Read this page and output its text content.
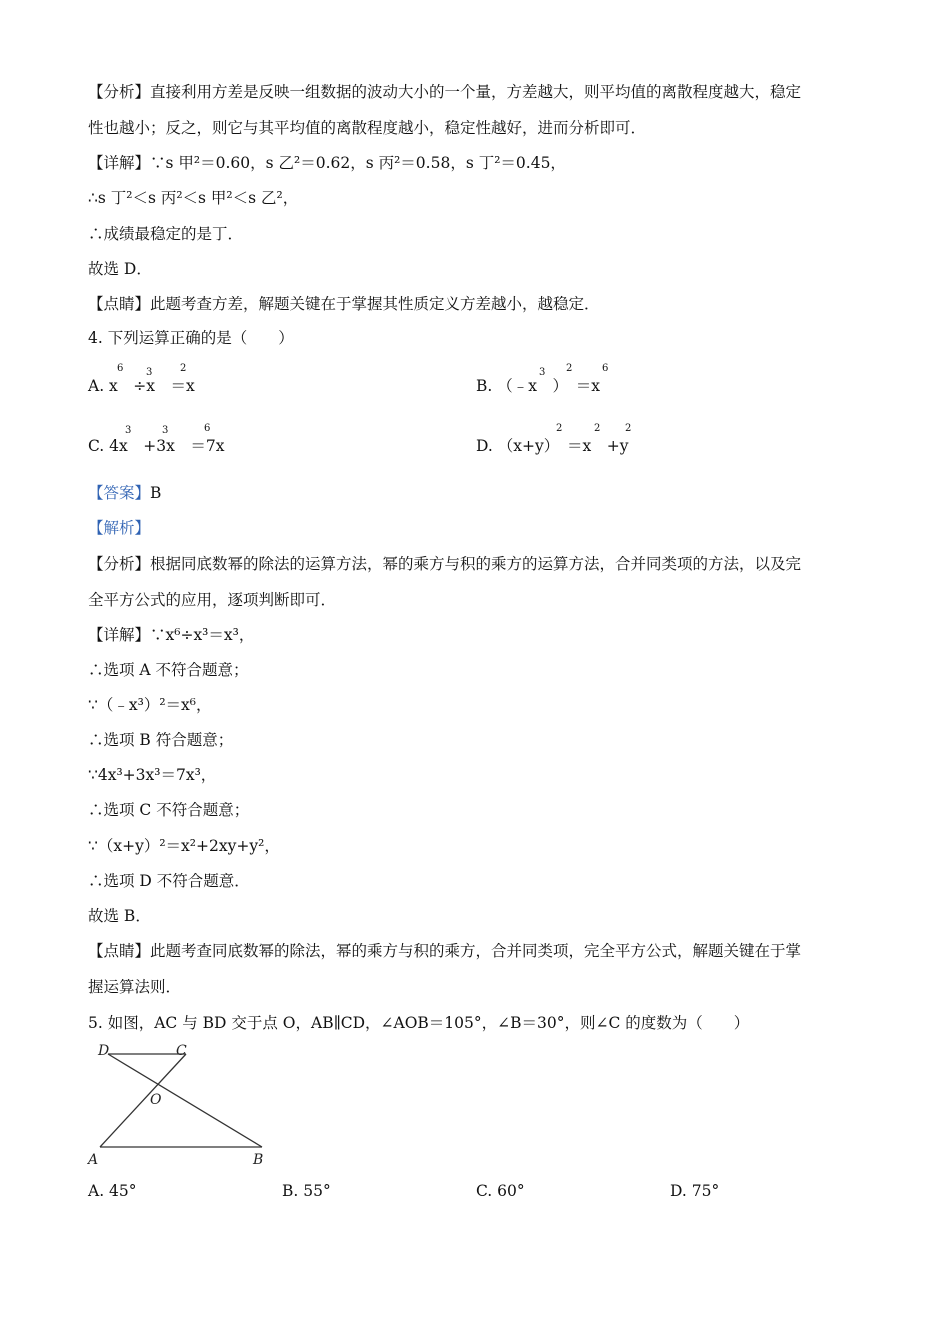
【分析】直接利用方差是反映一组数据的波动大小的一个量，方差越大，则平均值的离散程度越大，稳定
性也越小；反之，则它与其平均值的离散程度越小，稳定性越好，进而分析即可．
【详解】∵s 甲²＝0.60，s 乙²＝0.62，s 丙²＝0.58，s 丁²＝0.45，
∴s 丁²＜s 丙²＜s 甲²＜s 乙²，
∴成绩最稳定的是丁．
故选 D．
【点睛】此题考查方差，解题关键在于掌握其性质定义方差越小，越稳定．
4. 下列运算正确的是（　　）
A. x　÷x　＝x
6 3	2
B. （﹣x　）　＝x
3 2	6
C. 4x　+3x　＝7x
3	3	6
D. （x+y）　＝x　+y
2	2 2
【答案】B
【解析】
【分析】根据同底数幂的除法的运算方法，幂的乘方与积的乘方的运算方法，合并同类项的方法，以及完
全平方公式的应用，逐项判断即可．
【详解】∵x⁶÷x³＝x³，
∴选项 A 不符合题意；
∵（﹣x³）²＝x⁶，
∴选项 B 符合题意；
∵4x³+3x³＝7x³，
∴选项 C 不符合题意；
∵（x+y）²＝x²+2xy+y²，
∴选项 D 不符合题意．
故选 B．
【点睛】此题考查同底数幂的除法，幂的乘方与积的乘方，合并同类项，完全平方公式，解题关键在于掌
握运算法则．
5. 如图，AC 与 BD 交于点 O，AB∥CD，∠AOB＝105°，∠B＝30°，则∠C 的度数为（　　）
D	C
O
A	B
A. 45°	B. 55°	C. 60°	D. 75°
